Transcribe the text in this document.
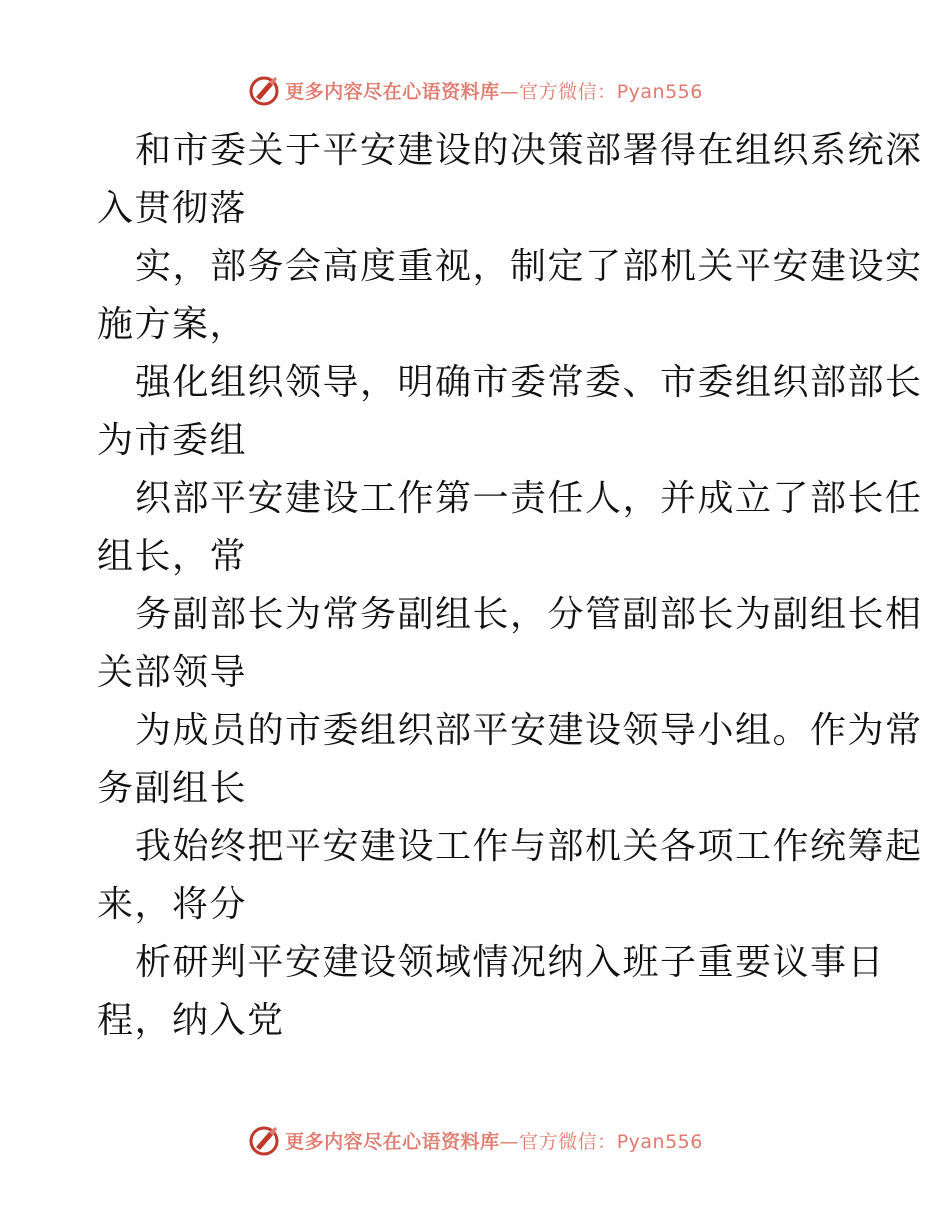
更多内容尽在心语资料库—官方微信：Pyan556
和市委关于平安建设的决策部署得在组织系统深
入贯彻落
实，部务会高度重视，制定了部机关平安建设实
施方案，
强化组织领导，明确市委常委、市委组织部部长
为市委组
织部平安建设工作第一责任人，并成立了部长任
组长，常
务副部长为常务副组长，分管副部长为副组长相
关部领导
为成员的市委组织部平安建设领导小组。作为常
务副组长
我始终把平安建设工作与部机关各项工作统筹起
来，将分
析研判平安建设领域情况纳入班子重要议事日
程，纳入党
更多内容尽在心语资料库—官方微信：Pyan556
